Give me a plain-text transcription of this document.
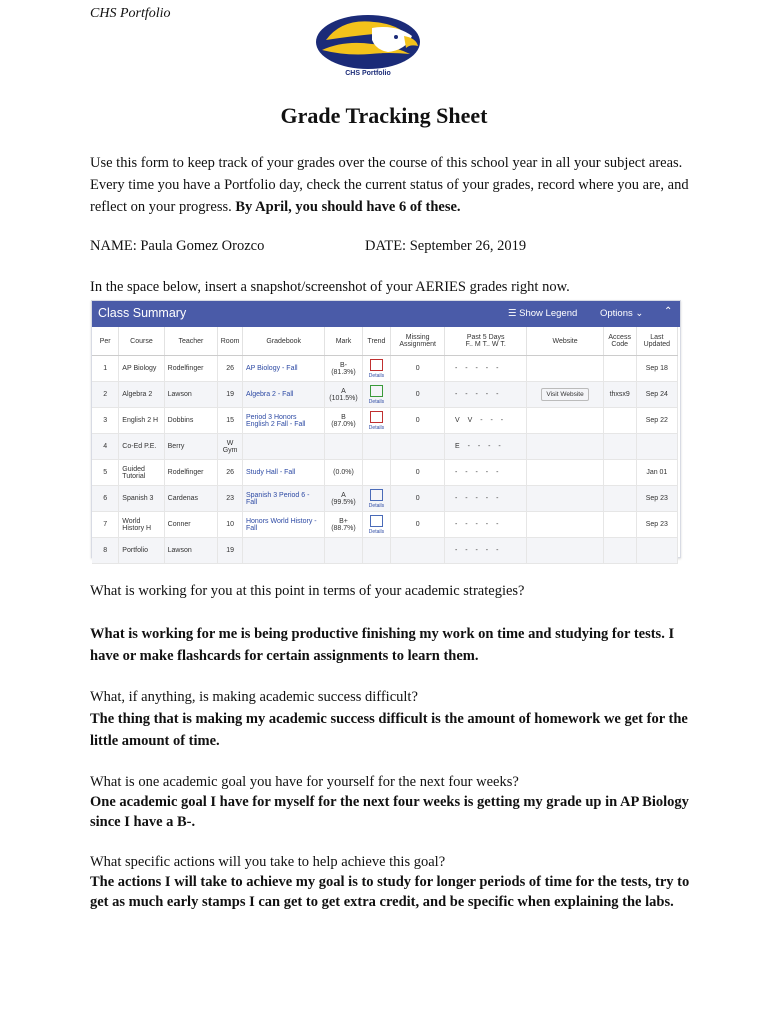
CHS Portfolio
CHS Portfolio
Grade Tracking Sheet
Use this form to keep track of your grades over the course of this school year in all your subject areas. Every time you have a Portfolio day, check the current status of your grades, record where you are, and reflect on your progress. By April, you should have 6 of these.
NAME: Paula Gomez Orozco	DATE: September 26, 2019
In the space below, insert a snapshot/screenshot of your AERIES grades right now.
Class Summary	☰ Show Legend Options ⌄ ⌃
Per	Course	Teacher	Room	Gradebook	Mark	Trend	Missing Assignment	Past 5 Days
F.. M T.. W T.	Website	Access Code	Last Updated
1	AP Biology	Rodelfinger	26	AP Biology - Fall	B- (81.3%)	Details	0	- - - - -			Sep 18
2	Algebra 2	Lawson	19	Algebra 2 - Fall	A (101.5%)	Details	0	- - - - -	Visit Website	thxsx9	Sep 24
3	English 2 H	Dobbins	15	Period 3 Honors English 2 Fall - Fall	B (87.0%)	Details	0	V V - - -			Sep 22
4	Co-Ed P.E.	Berry	W Gym					E - - - -			
5	Guided Tutorial	Rodelfinger	26	Study Hall - Fall	(0.0%)		0	- - - - -			Jan 01
6	Spanish 3	Cardenas	23	Spanish 3 Period 6 - Fall	A (99.5%)	Details	0	- - - - -			Sep 23
7	World History H	Conner	10	Honors World History - Fall	B+ (88.7%)	Details	0	- - - - -			Sep 23
8	Portfolio	Lawson	19					- - - - -			
What is working for you at this point in terms of your academic strategies?
What is working for me is being productive finishing my work on time and studying for tests. I have or make flashcards for certain assignments to learn them.
What, if anything, is making academic success difficult?
The thing that is making my academic success difficult is the amount of homework we get for the little amount of time.
What is one academic goal you have for yourself for the next four weeks?
One academic goal I have for myself for the next four weeks is getting my grade up in AP Biology since I have a B-.
What specific actions will you take to help achieve this goal?
The actions I will take to achieve my goal is to study for longer periods of time for the tests, try to get as much early stamps I can get to get extra credit, and be specific when explaining the labs.
